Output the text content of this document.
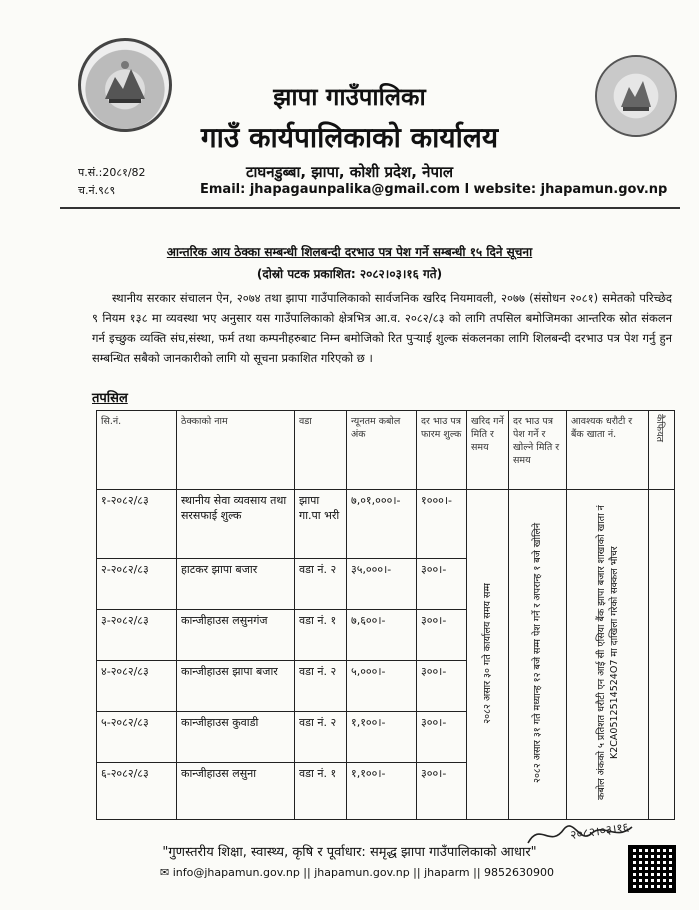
झापा गाउँपालिका
गाउँ कार्यपालिकाको कार्यालय
टाघनडुब्बा, झापा, कोशी प्रदेश, नेपाल
Email: jhapagaunpalika@gmail.com l website: jhapamun.gov.np
प.सं.:20८१/82
च.नं.९८९
आन्तरिक आय ठेक्का सम्बन्धी शिलबन्दी दरभाउ पत्र पेश गर्ने सम्बन्धी १५ दिने सूचना
(दोस्रो पटक प्रकाशित: २०८२।०३।१६ गते)
स्थानीय सरकार संचालन ऐन, २०७४ तथा झापा गाउँपालिकाको सार्वजनिक खरिद नियमावली, २०७७ (संसोधन २०८१) समेतको परिच्छेद ९ नियम १३८ मा व्यवस्था भए अनुसार यस गाउँपालिकाको क्षेत्रभित्र आ.व. २०८२/८३ को लागि तपसिल बमोजिमका आन्तरिक स्रोत संकलन गर्न इच्छुक व्यक्ति संघ,संस्था, फर्म तथा कम्पनीहरुबाट निम्न बमोजिको रित पुर्‍याई शुल्क संकलनका लागि शिलबन्दी दरभाउ पत्र पेश गर्नु हुन सम्बन्धित सबैको जानकारीको लागि यो सूचना प्रकाशित गरिएको छ ।
तपसिल
सि.नं.	ठेक्काको नाम	वडा	न्यूनतम कबोल अंक	दर भाउ पत्र फारम शुल्क	खरिद गर्ने मिति र समय	दर भाउ पत्र पेश गर्ने र खोल्ने मिति र समय	आवश्यक धरौटी र बैंक खाता नं.	कैफियत
१-२०८२/८३	स्थानीय सेवा व्यवसाय तथा सरसफाई शुल्क	झापा गा.पा भरी	७,०१,०००।-	१०००।-	२०८२ असार ३० गते कार्यालय समय सम्म	२०८२ असार ३१ गते मध्यान्ह १२ बजे सम्म पेश गर्ने र अपरान्ह १ बजे खोलिने	कबोल अंकको ५ प्रतिशत धरौटी एन आई सी एसिया बैंक झापा बजार शाखाको खाता नं K2CA0512514524O7 मा दाखिला गरेको सक्कल भौचर	
२-२०८२/८३	हाटकर झापा बजार	वडा नं. २	३५,०००।-	३००।-				
३-२०८२/८३	कान्जीहाउस लसुनगंज	वडा नं. १	७,६००।-	३००।-				
४-२०८२/८३	कान्जीहाउस झापा बजार	वडा नं. २	५,०००।-	३००।-				
५-२०८२/८३	कान्जीहाउस कुवाडी	वडा नं. २	१,१००।-	३००।-				
६-२०८२/८३	कान्जीहाउस लसुना	वडा नं. १	१,१००।-	३००।-				
२०८२।०३।१६
"गुणस्तरीय शिक्षा, स्वास्थ्य, कृषि र पूर्वाधार: समृद्ध झापा गाउँपालिकाको आधार"
✉ info@jhapamun.gov.np || jhapamun.gov.np || jhaparm || 9852630900
